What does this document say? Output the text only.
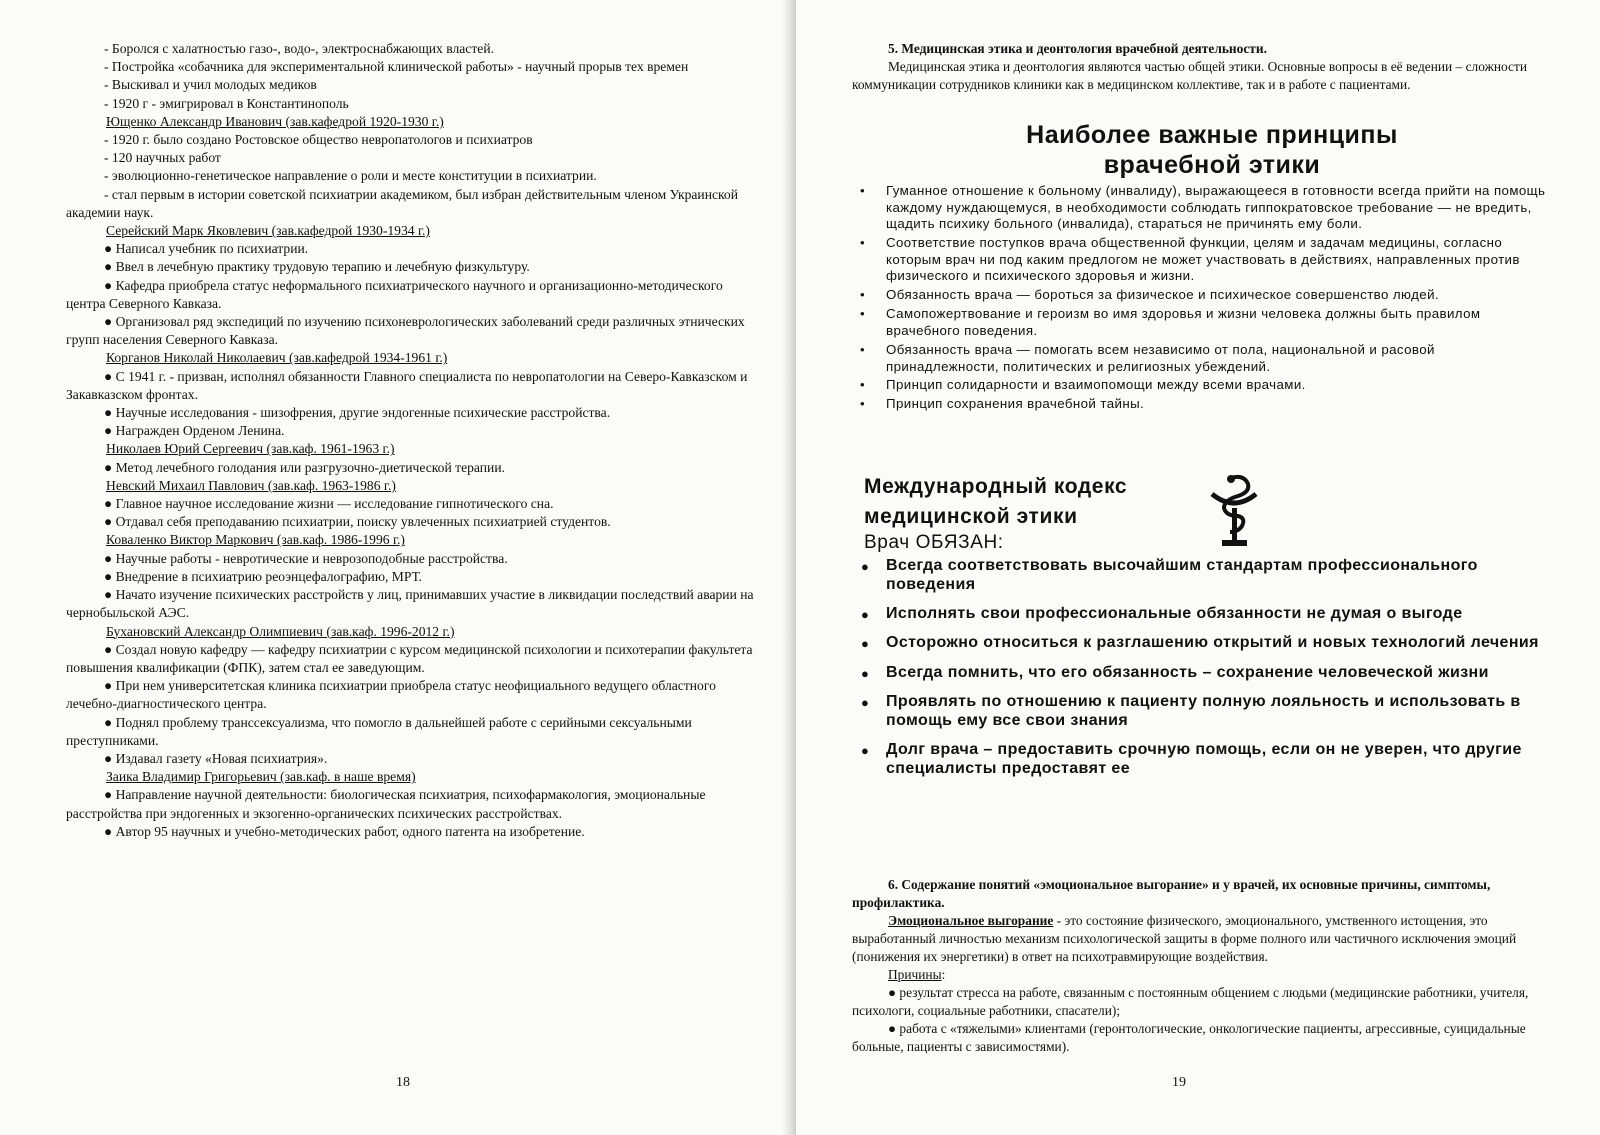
- Боролся с халатностью газо-, водо-, электроснабжающих властей.

- Постройка «собачника для экспериментальной клинической работы» - научный прорыв тех времен

- Выскивал и учил молодых медиков

- 1920 г - эмигрировал в Константинополь

Ющенко Александр Иванович (зав.кафедрой 1920-1930 г.)

- 1920 г. было создано Ростовское общество невропатологов и психиатров

- 120 научных работ

- эволюционно-генетическое направление о роли и месте конституции в психиатрии.

- стал первым в истории советской психиатрии академиком, был избран действительным членом Украинской академии наук.

Серейский Марк Яковлевич (зав.кафедрой 1930-1934 г.)

● Написал учебник по психиатрии.

● Ввел в лечебную практику трудовую терапию и лечебную физкультуру.

● Кафедра приобрела статус неформального психиатрического научного и организационно-методического центра Северного Кавказа.

● Организовал ряд экспедиций по изучению психоневрологических заболеваний среди различных этнических групп населения Северного Кавказа.

Корганов Николай Николаевич (зав.кафедрой 1934-1961 г.)

● С 1941 г. - призван, исполнял обязанности Главного специалиста по невропатологии на Северо-Кавказском и Закавказском фронтах.

● Научные исследования - шизофрения, другие эндогенные психические расстройства.

● Награжден Орденом Ленина.

Николаев Юрий Сергеевич (зав.каф. 1961-1963 г.)

● Метод лечебного голодания или разгрузочно-диетической терапии.

Невский Михаил Павлович (зав.каф. 1963-1986 г.)

● Главное научное исследование жизни — исследование гипнотического сна.

● Отдавал себя преподаванию психиатрии, поиску увлеченных психиатрией студентов.

Коваленко Виктор Маркович (зав.каф. 1986-1996 г.)

● Научные работы - невротические и неврозоподобные расстройства.

● Внедрение в психиатрию реоэнцефалографию, МРТ.

● Начато изучение психических расстройств у лиц, принимавших участие в ликвидации последствий аварии на чернобыльской АЭС.

Бухановский Александр Олимпиевич (зав.каф. 1996-2012 г.)

● Создал новую кафедру — кафедру психиатрии с курсом медицинской психологии и психотерапии факультета повышения квалификации (ФПК), затем стал ее заведующим.

● При нем университетская клиника психиатрии приобрела статус неофициального ведущего областного лечебно-диагностического центра.

● Поднял проблему транссексуализма, что помогло в дальнейшей работе с серийными сексуальными преступниками.

● Издавал газету «Новая психиатрия».

Заика Владимир Григорьевич (зав.каф. в наше время)

● Направление научной деятельности: биологическая психиатрия, психофармакология, эмоциональные расстройства при эндогенных и экзогенно-органических психических расстройствах.

● Автор 95 научных и учебно-методических работ, одного патента на изобретение.

18

5. Медицинская этика и деонтология врачебной деятельности.

Медицинская этика и деонтология являются частью общей этики. Основные вопросы в её ведении – сложности коммуникации сотрудников клиники как в медицинском коллективе, так и в работе с пациентами.

Наиболее важные принципы
врачебной этики
• Гуманное отношение к больному (инвалиду), выражающееся в готовности всегда прийти на помощь каждому нуждающемуся, в необходимости соблюдать гиппократовское требование — не вредить, щадить психику больного (инвалида), стараться не причинять ему боли.
• Соответствие поступков врача общественной функции, целям и задачам медицины, согласно которым врач ни под каким предлогом не может участвовать в действиях, направленных против физического и психического здоровья и жизни.
• Обязанность врача — бороться за физическое и психическое совершенство людей.
• Самопожертвование и героизм во имя здоровья и жизни человека должны быть правилом врачебного поведения.
• Обязанность врача — помогать всем независимо от пола, национальной и расовой принадлежности, политических и религиозных убеждений.
• Принцип солидарности и взаимопомощи между всеми врачами.
• Принцип сохранения врачебной тайны.
Международный кодекс
медицинской этики
Врач ОБЯЗАН:
● Всегда соответствовать высочайшим стандартам профессионального поведения
● Исполнять свои профессиональные обязанности не думая о выгоде
● Осторожно относиться к разглашению открытий и новых технологий лечения
● Всегда помнить, что его обязанность – сохранение человеческой жизни
● Проявлять по отношению к пациенту полную лояльность и использовать в помощь ему все свои знания
● Долг врача – предоставить срочную помощь, если он не уверен, что другие специалисты предоставят ее

6. Содержание понятий «эмоциональное выгорание» и у врачей, их основные причины, симптомы, профилактика.

Эмоциональное выгорание - это состояние физического, эмоционального, умственного истощения, это выработанный личностью механизм психологической защиты в форме полного или частичного исключения эмоций (понижения их энергетики) в ответ на психотравмирующие воздействия.

Причины:

● результат стресса на работе, связанным с постоянным общением с людьми (медицинские работники, учителя, психологи, социальные работники, спасатели);

● работа с «тяжелыми» клиентами (геронтологические, онкологические пациенты, агрессивные, суицидальные больные, пациенты с зависимостями).

19
